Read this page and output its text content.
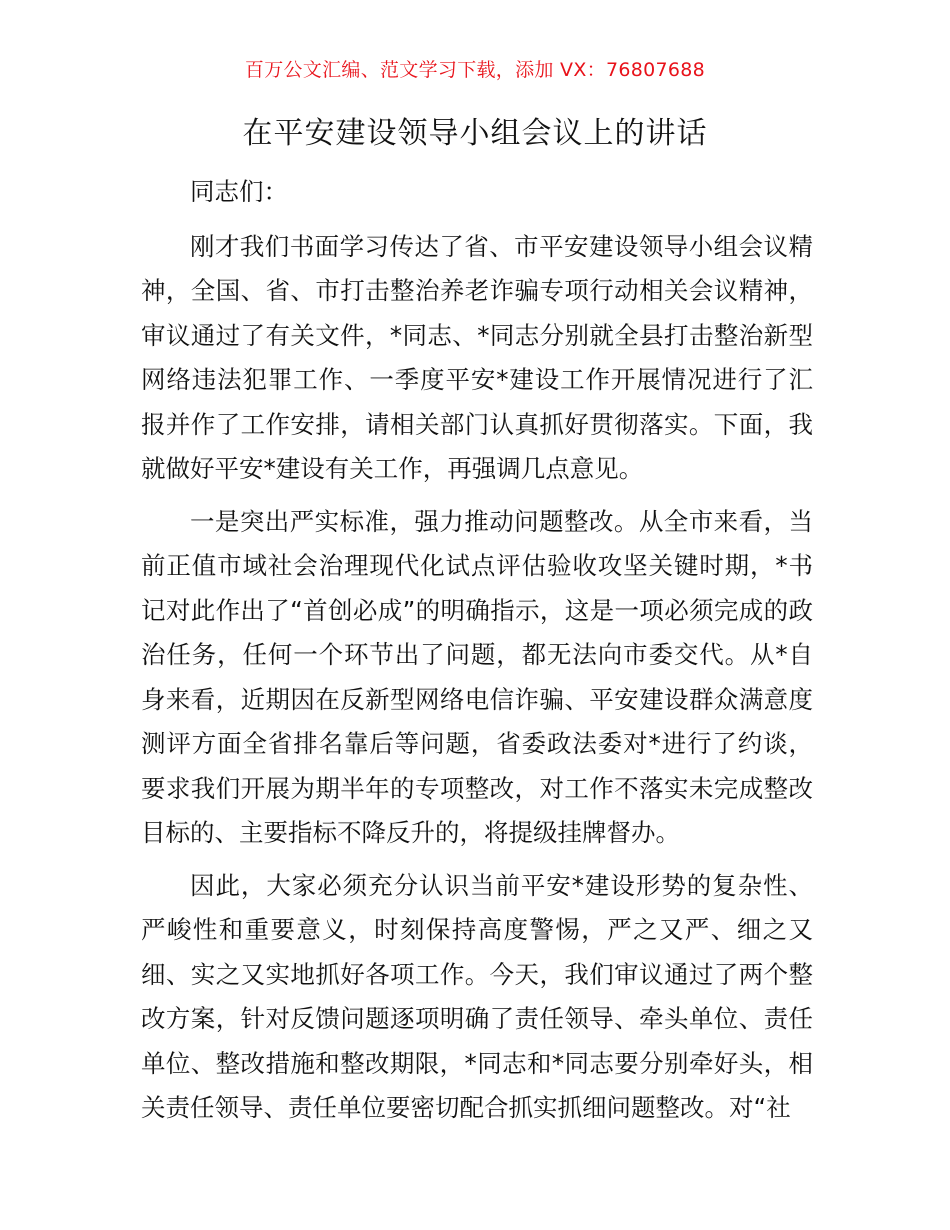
百万公文汇编、范文学习下载，添加 VX：76807688
在平安建设领导小组会议上的讲话

同志们：

刚才我们书面学习传达了省、市平安建设领导小组会议精神，全国、省、市打击整治养老诈骗专项行动相关会议精神，审议通过了有关文件，*同志、*同志分别就全县打击整治新型网络违法犯罪工作、一季度平安*建设工作开展情况进行了汇报并作了工作安排，请相关部门认真抓好贯彻落实。下面，我就做好平安*建设有关工作，再强调几点意见。

一是突出严实标准，强力推动问题整改。从全市来看，当前正值市域社会治理现代化试点评估验收攻坚关键时期，*书记对此作出了“首创必成”的明确指示，这是一项必须完成的政治任务，任何一个环节出了问题，都无法向市委交代。从*自身来看，近期因在反新型网络电信诈骗、平安建设群众满意度测评方面全省排名靠后等问题，省委政法委对*进行了约谈，要求我们开展为期半年的专项整改，对工作不落实未完成整改目标的、主要指标不降反升的，将提级挂牌督办。

因此，大家必须充分认识当前平安*建设形势的复杂性、严峻性和重要意义，时刻保持高度警惕，严之又严、细之又细、实之又实地抓好各项工作。今天，我们审议通过了两个整改方案，针对反馈问题逐项明确了责任领导、牵头单位、责任单位、整改措施和整改期限，*同志和*同志要分别牵好头，相关责任领导、责任单位要密切配合抓实抓细问题整改。对“社
